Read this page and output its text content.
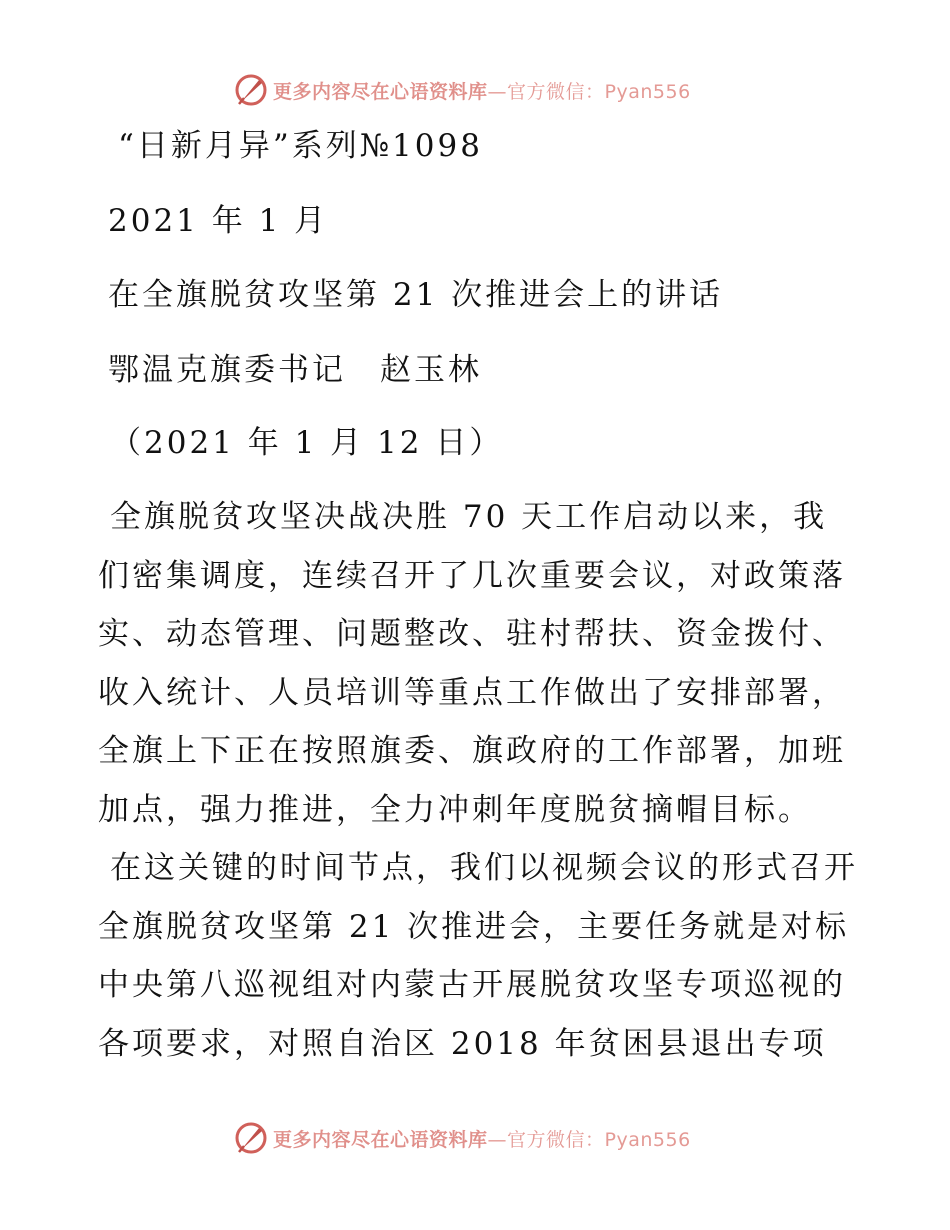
更多内容尽在心语资料库—官方微信：Pyan556
“日新月异”系列№1098
2021 年 1 月
在全旗脱贫攻坚第 21 次推进会上的讲话
鄂温克旗委书记　赵玉林
（2021 年 1 月 12 日）

全旗脱贫攻坚决战决胜 70 天工作启动以来，我们密集调度，连续召开了几次重要会议，对政策落实、动态管理、问题整改、驻村帮扶、资金拨付、收入统计、人员培训等重点工作做出了安排部署，全旗上下正在按照旗委、旗政府的工作部署，加班加点，强力推进，全力冲刺年度脱贫摘帽目标。

在这关键的时间节点，我们以视频会议的形式召开全旗脱贫攻坚第 21 次推进会，主要任务就是对标中央第八巡视组对内蒙古开展脱贫攻坚专项巡视的各项要求，对照自治区 2018 年贫困县退出专项

更多内容尽在心语资料库—官方微信：Pyan556
